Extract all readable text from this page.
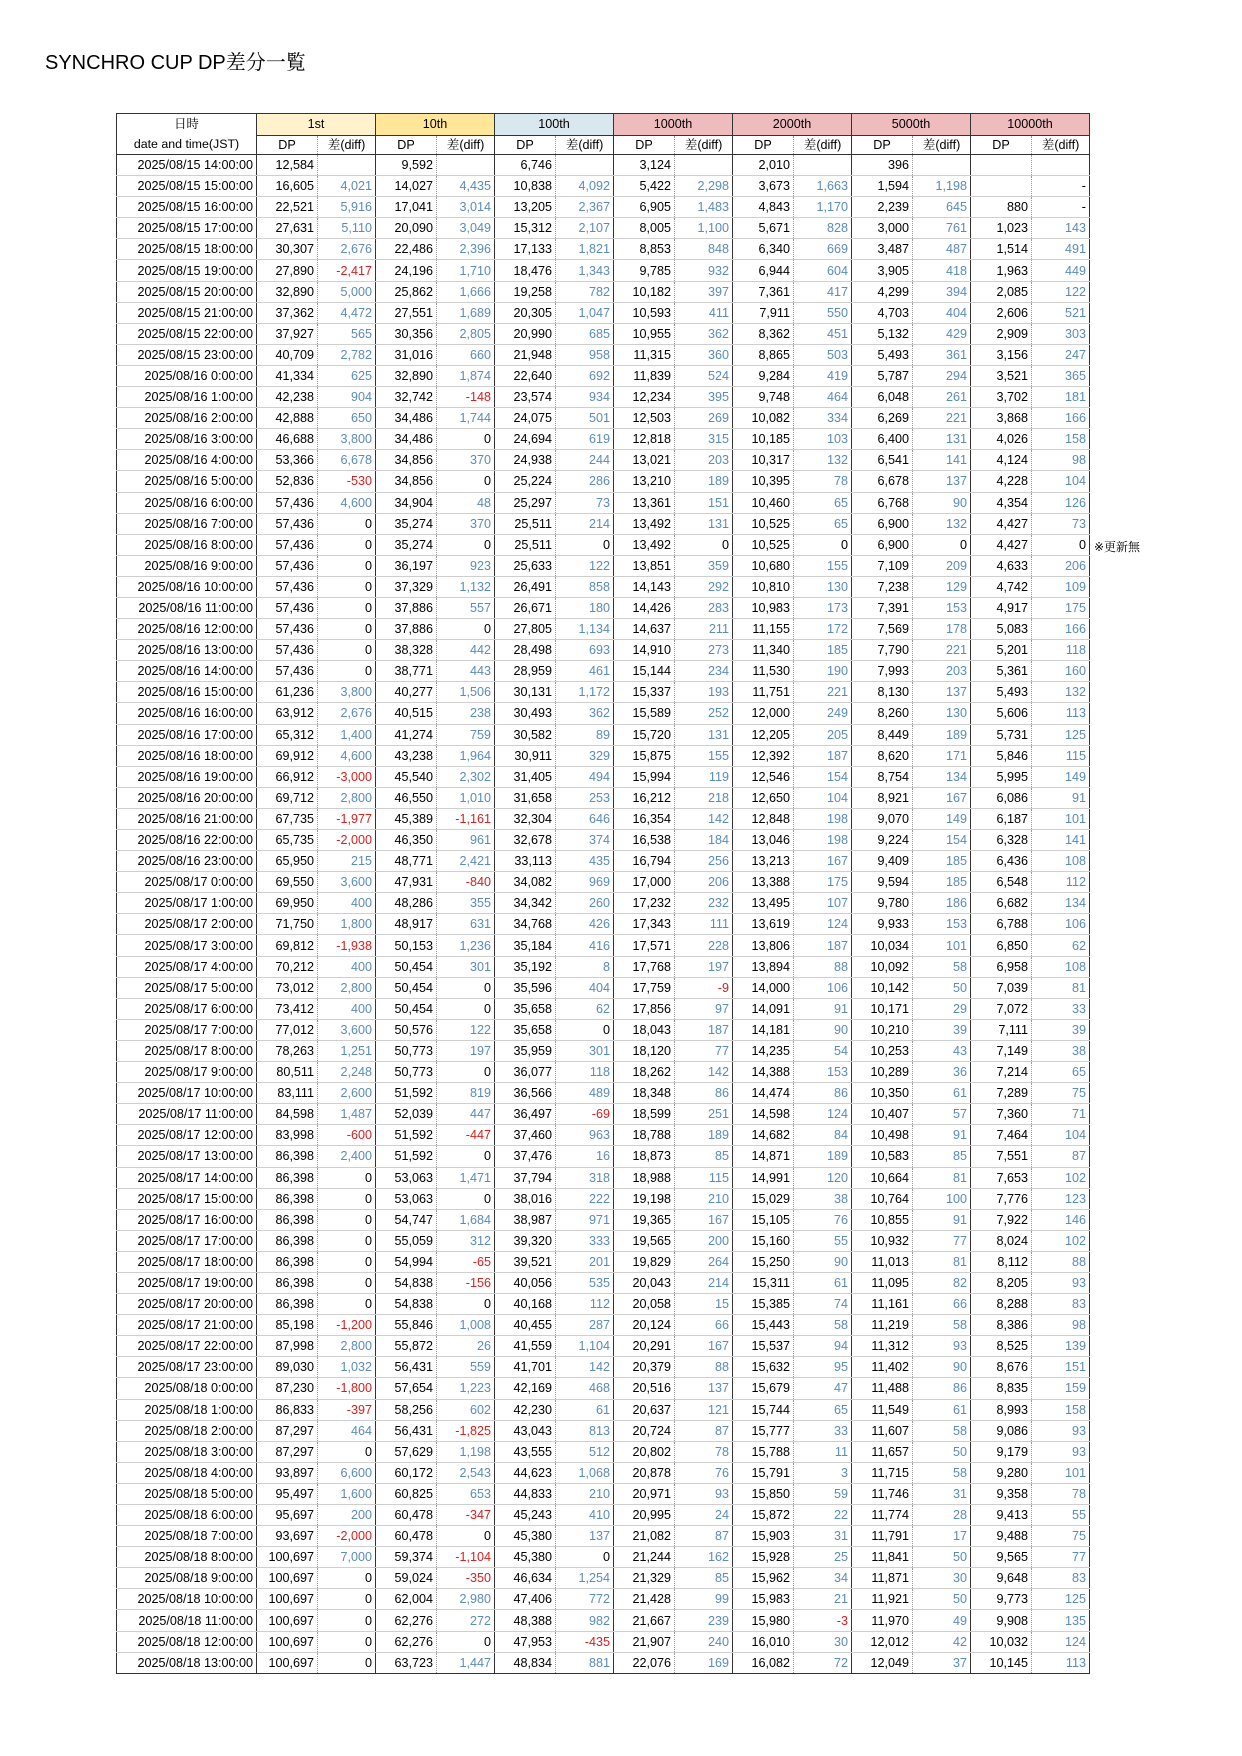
SYNCHRO CUP DP差分一覧
日時
date and time(JST)	1st		10th		100th		1000th		2000th		5000th		10000th	
	DP	差(diff)	DP	差(diff)	DP	差(diff)	DP	差(diff)	DP	差(diff)	DP	差(diff)	DP	差(diff)
2025/08/15 14:00:00	12,584		9,592		6,746		3,124		2,010		396			
2025/08/15 15:00:00	16,605	4,021	14,027	4,435	10,838	4,092	5,422	2,298	3,673	1,663	1,594	1,198		-
2025/08/15 16:00:00	22,521	5,916	17,041	3,014	13,205	2,367	6,905	1,483	4,843	1,170	2,239	645	880	-
2025/08/15 17:00:00	27,631	5,110	20,090	3,049	15,312	2,107	8,005	1,100	5,671	828	3,000	761	1,023	143
2025/08/15 18:00:00	30,307	2,676	22,486	2,396	17,133	1,821	8,853	848	6,340	669	3,487	487	1,514	491
2025/08/15 19:00:00	27,890	-2,417	24,196	1,710	18,476	1,343	9,785	932	6,944	604	3,905	418	1,963	449
2025/08/15 20:00:00	32,890	5,000	25,862	1,666	19,258	782	10,182	397	7,361	417	4,299	394	2,085	122
2025/08/15 21:00:00	37,362	4,472	27,551	1,689	20,305	1,047	10,593	411	7,911	550	4,703	404	2,606	521
2025/08/15 22:00:00	37,927	565	30,356	2,805	20,990	685	10,955	362	8,362	451	5,132	429	2,909	303
2025/08/15 23:00:00	40,709	2,782	31,016	660	21,948	958	11,315	360	8,865	503	5,493	361	3,156	247
2025/08/16 0:00:00	41,334	625	32,890	1,874	22,640	692	11,839	524	9,284	419	5,787	294	3,521	365
2025/08/16 1:00:00	42,238	904	32,742	-148	23,574	934	12,234	395	9,748	464	6,048	261	3,702	181
2025/08/16 2:00:00	42,888	650	34,486	1,744	24,075	501	12,503	269	10,082	334	6,269	221	3,868	166
2025/08/16 3:00:00	46,688	3,800	34,486	0	24,694	619	12,818	315	10,185	103	6,400	131	4,026	158
2025/08/16 4:00:00	53,366	6,678	34,856	370	24,938	244	13,021	203	10,317	132	6,541	141	4,124	98
2025/08/16 5:00:00	52,836	-530	34,856	0	25,224	286	13,210	189	10,395	78	6,678	137	4,228	104
2025/08/16 6:00:00	57,436	4,600	34,904	48	25,297	73	13,361	151	10,460	65	6,768	90	4,354	126
2025/08/16 7:00:00	57,436	0	35,274	370	25,511	214	13,492	131	10,525	65	6,900	132	4,427	73
2025/08/16 8:00:00	57,436	0	35,274	0	25,511	0	13,492	0	10,525	0	6,900	0	4,427	0
2025/08/16 9:00:00	57,436	0	36,197	923	25,633	122	13,851	359	10,680	155	7,109	209	4,633	206
2025/08/16 10:00:00	57,436	0	37,329	1,132	26,491	858	14,143	292	10,810	130	7,238	129	4,742	109
2025/08/16 11:00:00	57,436	0	37,886	557	26,671	180	14,426	283	10,983	173	7,391	153	4,917	175
2025/08/16 12:00:00	57,436	0	37,886	0	27,805	1,134	14,637	211	11,155	172	7,569	178	5,083	166
2025/08/16 13:00:00	57,436	0	38,328	442	28,498	693	14,910	273	11,340	185	7,790	221	5,201	118
2025/08/16 14:00:00	57,436	0	38,771	443	28,959	461	15,144	234	11,530	190	7,993	203	5,361	160
2025/08/16 15:00:00	61,236	3,800	40,277	1,506	30,131	1,172	15,337	193	11,751	221	8,130	137	5,493	132
2025/08/16 16:00:00	63,912	2,676	40,515	238	30,493	362	15,589	252	12,000	249	8,260	130	5,606	113
2025/08/16 17:00:00	65,312	1,400	41,274	759	30,582	89	15,720	131	12,205	205	8,449	189	5,731	125
2025/08/16 18:00:00	69,912	4,600	43,238	1,964	30,911	329	15,875	155	12,392	187	8,620	171	5,846	115
2025/08/16 19:00:00	66,912	-3,000	45,540	2,302	31,405	494	15,994	119	12,546	154	8,754	134	5,995	149
2025/08/16 20:00:00	69,712	2,800	46,550	1,010	31,658	253	16,212	218	12,650	104	8,921	167	6,086	91
2025/08/16 21:00:00	67,735	-1,977	45,389	-1,161	32,304	646	16,354	142	12,848	198	9,070	149	6,187	101
2025/08/16 22:00:00	65,735	-2,000	46,350	961	32,678	374	16,538	184	13,046	198	9,224	154	6,328	141
2025/08/16 23:00:00	65,950	215	48,771	2,421	33,113	435	16,794	256	13,213	167	9,409	185	6,436	108
2025/08/17 0:00:00	69,550	3,600	47,931	-840	34,082	969	17,000	206	13,388	175	9,594	185	6,548	112
2025/08/17 1:00:00	69,950	400	48,286	355	34,342	260	17,232	232	13,495	107	9,780	186	6,682	134
2025/08/17 2:00:00	71,750	1,800	48,917	631	34,768	426	17,343	111	13,619	124	9,933	153	6,788	106
2025/08/17 3:00:00	69,812	-1,938	50,153	1,236	35,184	416	17,571	228	13,806	187	10,034	101	6,850	62
2025/08/17 4:00:00	70,212	400	50,454	301	35,192	8	17,768	197	13,894	88	10,092	58	6,958	108
2025/08/17 5:00:00	73,012	2,800	50,454	0	35,596	404	17,759	-9	14,000	106	10,142	50	7,039	81
2025/08/17 6:00:00	73,412	400	50,454	0	35,658	62	17,856	97	14,091	91	10,171	29	7,072	33
2025/08/17 7:00:00	77,012	3,600	50,576	122	35,658	0	18,043	187	14,181	90	10,210	39	7,111	39
2025/08/17 8:00:00	78,263	1,251	50,773	197	35,959	301	18,120	77	14,235	54	10,253	43	7,149	38
2025/08/17 9:00:00	80,511	2,248	50,773	0	36,077	118	18,262	142	14,388	153	10,289	36	7,214	65
2025/08/17 10:00:00	83,111	2,600	51,592	819	36,566	489	18,348	86	14,474	86	10,350	61	7,289	75
2025/08/17 11:00:00	84,598	1,487	52,039	447	36,497	-69	18,599	251	14,598	124	10,407	57	7,360	71
2025/08/17 12:00:00	83,998	-600	51,592	-447	37,460	963	18,788	189	14,682	84	10,498	91	7,464	104
2025/08/17 13:00:00	86,398	2,400	51,592	0	37,476	16	18,873	85	14,871	189	10,583	85	7,551	87
2025/08/17 14:00:00	86,398	0	53,063	1,471	37,794	318	18,988	115	14,991	120	10,664	81	7,653	102
2025/08/17 15:00:00	86,398	0	53,063	0	38,016	222	19,198	210	15,029	38	10,764	100	7,776	123
2025/08/17 16:00:00	86,398	0	54,747	1,684	38,987	971	19,365	167	15,105	76	10,855	91	7,922	146
2025/08/17 17:00:00	86,398	0	55,059	312	39,320	333	19,565	200	15,160	55	10,932	77	8,024	102
2025/08/17 18:00:00	86,398	0	54,994	-65	39,521	201	19,829	264	15,250	90	11,013	81	8,112	88
2025/08/17 19:00:00	86,398	0	54,838	-156	40,056	535	20,043	214	15,311	61	11,095	82	8,205	93
2025/08/17 20:00:00	86,398	0	54,838	0	40,168	112	20,058	15	15,385	74	11,161	66	8,288	83
2025/08/17 21:00:00	85,198	-1,200	55,846	1,008	40,455	287	20,124	66	15,443	58	11,219	58	8,386	98
2025/08/17 22:00:00	87,998	2,800	55,872	26	41,559	1,104	20,291	167	15,537	94	11,312	93	8,525	139
2025/08/17 23:00:00	89,030	1,032	56,431	559	41,701	142	20,379	88	15,632	95	11,402	90	8,676	151
2025/08/18 0:00:00	87,230	-1,800	57,654	1,223	42,169	468	20,516	137	15,679	47	11,488	86	8,835	159
2025/08/18 1:00:00	86,833	-397	58,256	602	42,230	61	20,637	121	15,744	65	11,549	61	8,993	158
2025/08/18 2:00:00	87,297	464	56,431	-1,825	43,043	813	20,724	87	15,777	33	11,607	58	9,086	93
2025/08/18 3:00:00	87,297	0	57,629	1,198	43,555	512	20,802	78	15,788	11	11,657	50	9,179	93
2025/08/18 4:00:00	93,897	6,600	60,172	2,543	44,623	1,068	20,878	76	15,791	3	11,715	58	9,280	101
2025/08/18 5:00:00	95,497	1,600	60,825	653	44,833	210	20,971	93	15,850	59	11,746	31	9,358	78
2025/08/18 6:00:00	95,697	200	60,478	-347	45,243	410	20,995	24	15,872	22	11,774	28	9,413	55
2025/08/18 7:00:00	93,697	-2,000	60,478	0	45,380	137	21,082	87	15,903	31	11,791	17	9,488	75
2025/08/18 8:00:00	100,697	7,000	59,374	-1,104	45,380	0	21,244	162	15,928	25	11,841	50	9,565	77
2025/08/18 9:00:00	100,697	0	59,024	-350	46,634	1,254	21,329	85	15,962	34	11,871	30	9,648	83
2025/08/18 10:00:00	100,697	0	62,004	2,980	47,406	772	21,428	99	15,983	21	11,921	50	9,773	125
2025/08/18 11:00:00	100,697	0	62,276	272	48,388	982	21,667	239	15,980	-3	11,970	49	9,908	135
2025/08/18 12:00:00	100,697	0	62,276	0	47,953	-435	21,907	240	16,010	30	12,012	42	10,032	124
2025/08/18 13:00:00	100,697	0	63,723	1,447	48,834	881	22,076	169	16,082	72	12,049	37	10,145	113
※更新無
